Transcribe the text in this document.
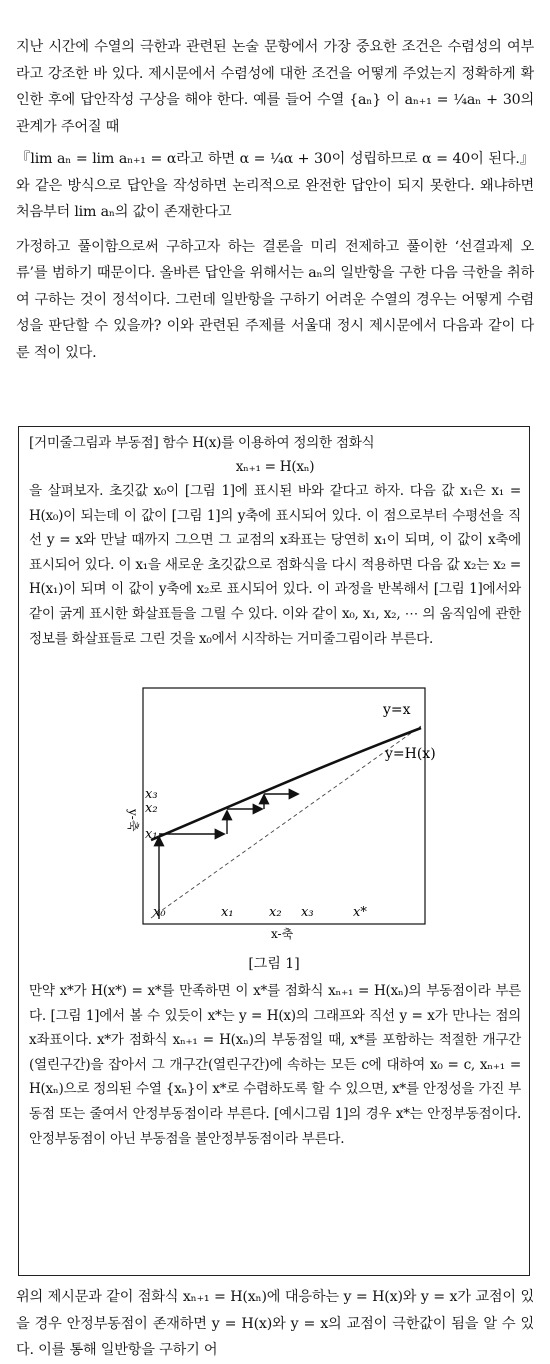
지난 시간에 수열의 극한과 관련된 논술 문항에서 가장 중요한 조건은 수렴성의 여부라고 강조한 바 있다. 제시문에서 수렴성에 대한 조건을 어떻게 주었는지 정확하게 확인한 후에 답안작성 구상을 해야 한다. 예를 들어 수열 {aₙ} 이 aₙ₊₁ = ¼aₙ + 30의 관계가 주어질 때

『lim aₙ = lim aₙ₊₁ = α라고 하면 α = ¼α + 30이 성립하므로 α = 40이 된다.』와 같은 방식으로 답안을 작성하면 논리적으로 완전한 답안이 되지 못한다. 왜냐하면 처음부터 lim aₙ의 값이 존재한다고

가정하고 풀이함으로써 구하고자 하는 결론을 미리 전제하고 풀이한 ‘선결과제 오류’를 범하기 때문이다. 올바른 답안을 위해서는 aₙ의 일반항을 구한 다음 극한을 취하여 구하는 것이 정석이다. 그런데 일반항을 구하기 어려운 수열의 경우는 어떻게 수렴성을 판단할 수 있을까? 이와 관련된 주제를 서울대 정시 제시문에서 다음과 같이 다룬 적이 있다.

[거미줄그림과 부동점] 함수 H(x)를 이용하여 정의한 점화식
xₙ₊₁ = H(xₙ)
을 살펴보자. 초깃값 x₀이 [그림 1]에 표시된 바와 같다고 하자. 다음 값 x₁은 x₁ = H(x₀)이 되는데 이 값이 [그림 1]의 y축에 표시되어 있다. 이 점으로부터 수평선을 직선 y = x와 만날 때까지 그으면 그 교점의 x좌표는 당연히 x₁이 되며, 이 값이 x축에 표시되어 있다. 이 x₁을 새로운 초깃값으로 점화식을 다시 적용하면 다음 값 x₂는 x₂ = H(x₁)이 되며 이 값이 y축에 x₂로 표시되어 있다. 이 과정을 반복해서 [그림 1]에서와 같이 굵게 표시한 화살표들을 그릴 수 있다. 이와 같이 x₀, x₁, x₂, ⋯ 의 움직임에 관한 정보를 화살표들로 그린 것을 x₀에서 시작하는 거미줄그림이라 부른다.
y=x
y=H(x)
y-축
x₃
x₂
x₁
x₀	x₁	x₂ x₃	x*
x-축
[그림 1]
만약 x*가 H(x*) = x*를 만족하면 이 x*를 점화식 xₙ₊₁ = H(xₙ)의 부동점이라 부른다. [그림 1]에서 볼 수 있듯이 x*는 y = H(x)의 그래프와 직선 y = x가 만나는 점의 x좌표이다. x*가 점화식 xₙ₊₁ = H(xₙ)의 부동점일 때, x*를 포함하는 적절한 개구간(열린구간)을 잡아서 그 개구간(열린구간)에 속하는 모든 c에 대하여 x₀ = c, xₙ₊₁ = H(xₙ)으로 정의된 수열 {xₙ}이 x*로 수렴하도록 할 수 있으면, x*를 안정성을 가진 부동점 또는 줄여서 안정부동점이라 부른다. [예시그림 1]의 경우 x*는 안정부동점이다. 안정부동점이 아닌 부동점을 불안정부동점이라 부른다.
위의 제시문과 같이 점화식 xₙ₊₁ = H(xₙ)에 대응하는 y = H(x)와 y = x가 교점이 있을 경우 안정부동점이 존재하면 y = H(x)와 y = x의 교점이 극한값이 됨을 알 수 있다. 이를 통해 일반항을 구하기 어
